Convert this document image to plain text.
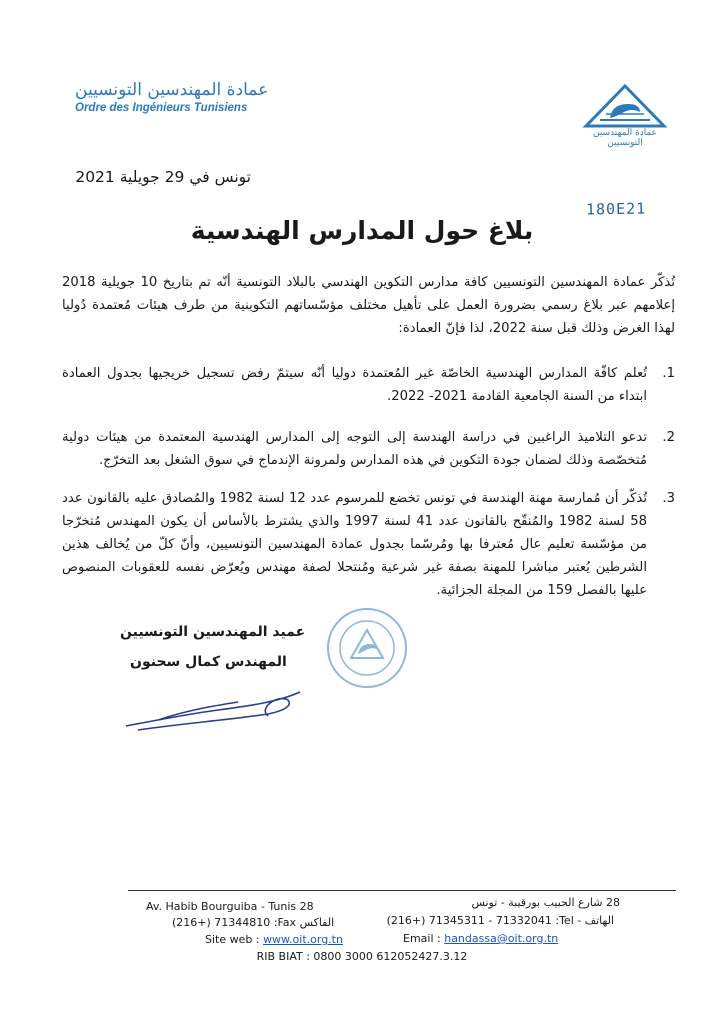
عمادة المهندسين التونسيين
Ordre des Ingénieurs Tunisiens
عمادة المهندسين التونسيين
تونس في 29 جويلية 2021
180E21
بلاغ حول المدارس الهندسية
تُذكّر عمادة المهندسين التونسيين كافة مدارس التكوين الهندسي بالبلاد التونسية أنّه تم بتاريخ 10 جويلية 2018 إعلامهم عبر بلاغ رسمي بضرورة العمل على تأهيل مختلف مؤسّساتهم التكوينية من طرف هيئات مُعتمدة دُوليا لهذا الغرض وذلك قبل سنة 2022، لذا فإنّ العمادة:
.1
تُعلم كافّة المدارس الهندسية الخاصّة غير المُعتمدة دوليا أنّه سيتمّ رفض تسجيل خريجيها بجدول العمادة ابتداء من السنة الجامعية القادمة 2021- 2022.
.2
تدعو التلاميذ الراغبين في دراسة الهندسة إلى التوجه إلى المدارس الهندسية المعتمدة من هيئات دولية مُتخصّصة وذلك لضمان جودة التكوين في هذه المدارس ولمرونة الإندماج في سوق الشغل بعد التخرّج.
.3
تُذكّر أن مُمارسة مهنة الهندسة في تونس تخضع للمرسوم عدد 12 لسنة 1982 والمُصادق عليه بالقانون عدد 58 لسنة 1982 والمُنقّح بالقانون عدد 41 لسنة 1997 والذي يشترط بالأساس أن يكون المهندس مُتخرّجا من مؤسّسة تعليم عال مُعترفا بها ومُرسّما بجدول عمادة المهندسين التونسيين، وأنّ كلّ من يُخالف هذين الشرطين يُعتبر مباشرا للمهنة بصفة غير شرعية ومُنتحلا لصفة مهندس ويُعرّض نفسه للعقوبات المنصوص عليها بالفصل 159 من المجلة الجزائية.
عميد المهندسين التونسيين
المهندس كمال سحنون
Av. Habib Bourguiba - Tunis 28	28 شارع الحبيب بورقيبة - تونس
(216+) 71344810 :Fax الفاكس	(216+) 71345311 - 71332041 :Tel - الهاتف
Site web : www.oit.org.tn	Email : handassa@oit.org.tn
RIB BIAT : 0800 3000 612052427.3.12
